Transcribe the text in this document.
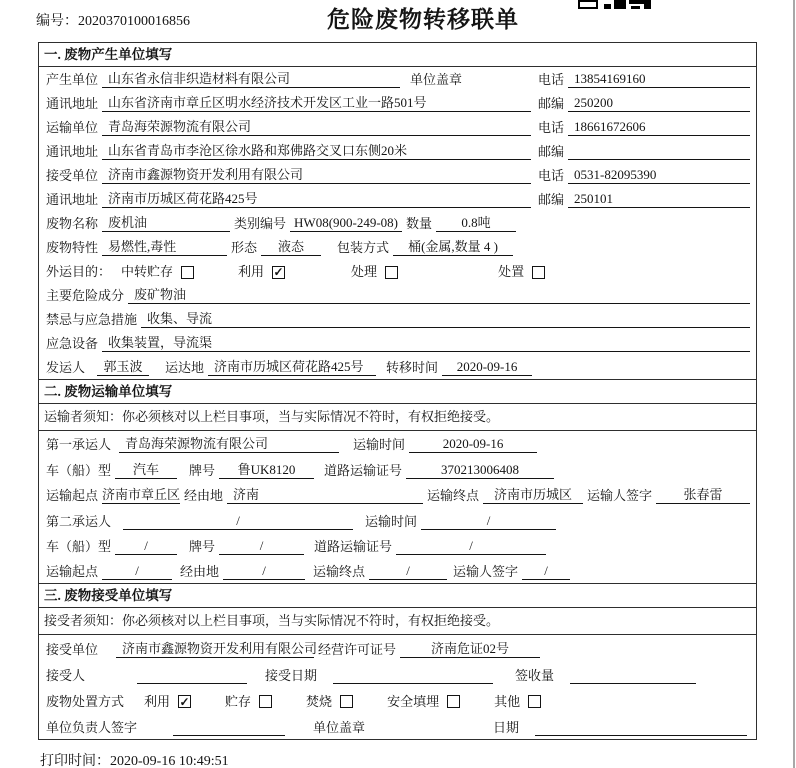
编号：2020370100016856	危险废物转移联单
一. 废物产生单位填写
产生单位 山东省永信非织造材料有限公司	单位盖章	电话 13854169160
通讯地址 山东省济南市章丘区明水经济技术开发区工业一路501号	邮编 250200
运输单位 青岛海荣源物流有限公司	电话 18661672606
通讯地址 山东省青岛市李沧区徐水路和郑佛路交叉口东侧20米	邮编
接受单位 济南市鑫源物资开发利用有限公司	电话 0531-82095390
通讯地址 济南市历城区荷花路425号	邮编 250101
废物名称 废机油	类别编号 HW08(900-249-08) 数量	0.8吨
废物特性 易燃性,毒性	形态	液态	包装方式	桶(金属,数量 4 )
外运目的： 中转贮存	利用 ✓	处理	处置
主要危险成分 废矿物油
禁忌与应急措施 收集、导流
应急设备 收集装置，导流渠
发运人	郭玉波	运达地 济南市历城区荷花路425号	转移时间	2020-09-16
二. 废物运输单位填写
运输者须知：你必须核对以上栏目事项，当与实际情况不符时，有权拒绝接受。
第一承运人	青岛海荣源物流有限公司	运输时间	2020-09-16
车（船）型	汽车	牌号	鲁UK8120	道路运输证号	370213006408
运输起点 济南市章丘区 经由地 济南	运输终点	济南市历城区	运输人签字	张春雷
第二承运人	/	运输时间	/
车（船）型	/	牌号	/	道路运输证号	/
运输起点	/	经由地	/	运输终点	/	运输人签字	/
三. 废物接受单位填写
接受者须知：你必须核对以上栏目事项，当与实际情况不符时，有权拒绝接受。
接受单位	济南市鑫源物资开发利用有限公司 经营许可证号	济南危证02号
接受人	接受日期	签收量
废物处置方式 利用 ✓	贮存	焚烧	安全填埋	其他
单位负责人签字	单位盖章	日期
打印时间：2020-09-16 10:49:51
